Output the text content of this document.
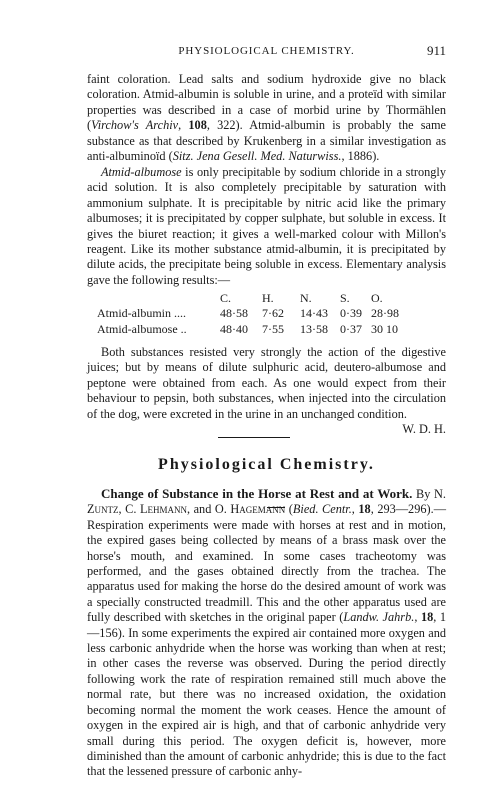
PHYSIOLOGICAL CHEMISTRY.	911

faint coloration. Lead salts and sodium hydroxide give no black coloration. Atmid-albumin is soluble in urine, and a proteïd with similar properties was described in a case of morbid urine by Thormählen (Virchow's Archiv, 108, 322). Atmid-albumin is probably the same substance as that described by Krukenberg in a similar investigation as anti-albuminoïd (Sitz. Jena Gesell. Med. Naturwiss., 1886).

Atmid-albumose is only precipitable by sodium chloride in a strongly acid solution. It is also completely precipitable by saturation with ammonium sulphate. It is precipitable by nitric acid like the primary albumoses; it is precipitated by copper sulphate, but soluble in excess. It gives the biuret reaction; it gives a well-marked colour with Millon's reagent. Like its mother substance atmid-albumin, it is precipitated by dilute acids, the precipitate being soluble in excess. Elementary analysis gave the following results:—

C.	H. N. S. O.
Atmid-albumin ....	48·58 7·62 14·43 0·39 28·98
Atmid-albumose ..	48·40 7·55 13·58 0·37 30 10

Both substances resisted very strongly the action of the digestive juices; but by means of dilute sulphuric acid, deutero-albumose and peptone were obtained from each. As one would expect from their behaviour to pepsin, both substances, when injected into the circulation of the dog, were excreted in the urine in an unchanged condition.

W. D. H.

Physiological Chemistry.

Change of Substance in the Horse at Rest and at Work. By N. Zuntz, C. Lehmann, and O. Hagemann (Bied. Centr., 18, 293—296).—Respiration experiments were made with horses at rest and in motion, the expired gases being collected by means of a brass mask over the horse's mouth, and examined. In some cases tracheotomy was performed, and the gases obtained directly from the trachea. The apparatus used for making the horse do the desired amount of work was a specially constructed treadmill. This and the other apparatus used are fully described with sketches in the original paper (Landw. Jahrb., 18, 1—156). In some experiments the expired air contained more oxygen and less carbonic anhydride when the horse was working than when at rest; in other cases the reverse was observed. During the period directly following work the rate of respiration remained still much above the normal rate, but there was no increased oxidation, the oxidation becoming normal the moment the work ceases. Hence the amount of oxygen in the expired air is high, and that of carbonic anhydride very small during this period. The oxygen deficit is, however, more diminished than the amount of carbonic anhydride; this is due to the fact that the lessened pressure of carbonic anhy-
